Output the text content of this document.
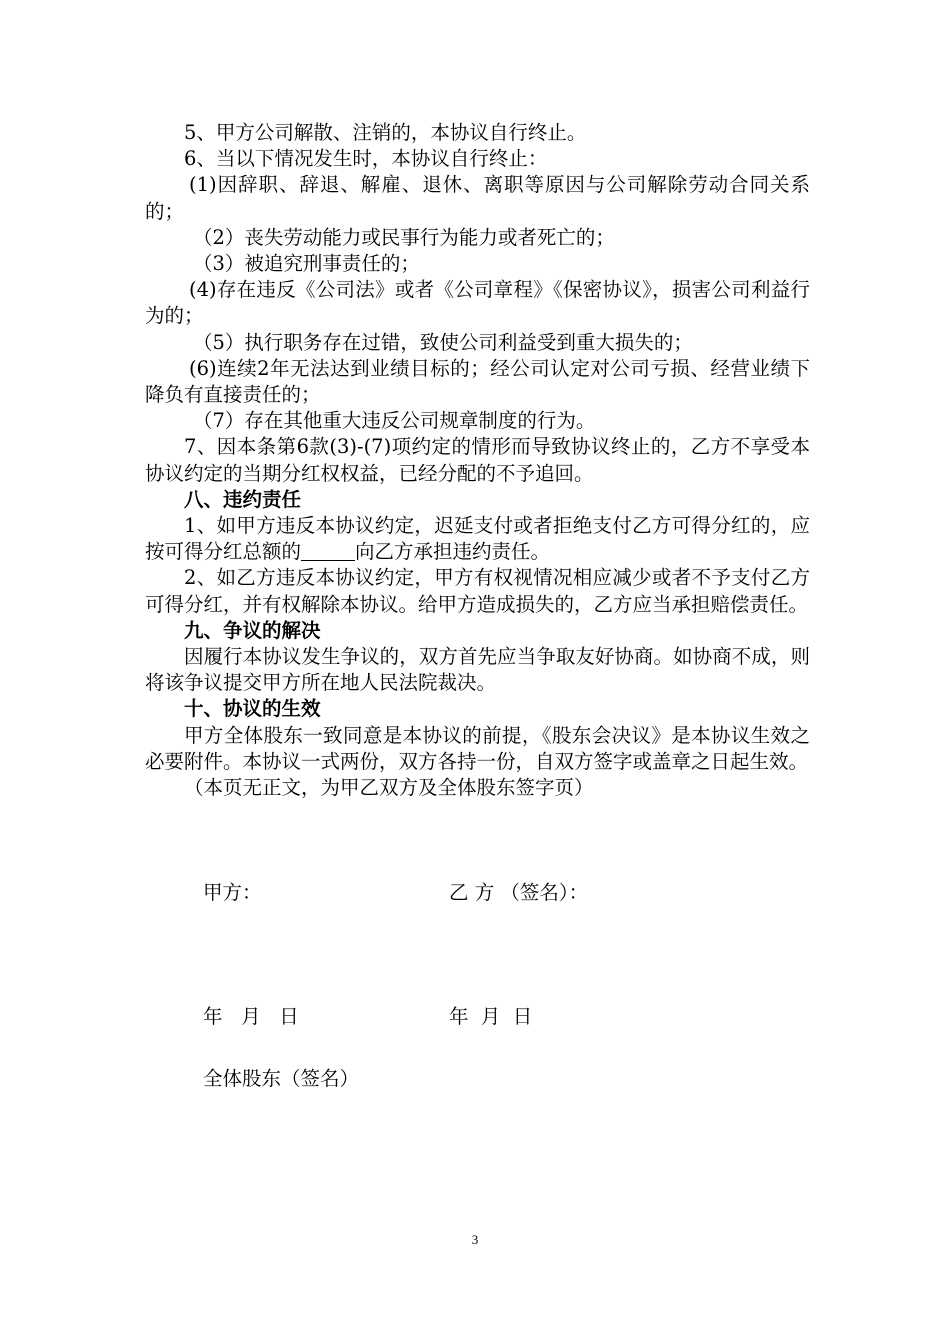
5、甲方公司解散、注销的，本协议自行终止。

6、当以下情况发生时，本协议自行终止：

(1)因辞职、辞退、解雇、退休、离职等原因与公司解除劳动合同关系的；

（2）丧失劳动能力或民事行为能力或者死亡的；

（3）被追究刑事责任的；

(4)存在违反《公司法》或者《公司章程》《保密协议》，损害公司利益行为的；

（5）执行职务存在过错，致使公司利益受到重大损失的；

(6)连续2年无法达到业绩目标的；经公司认定对公司亏损、经营业绩下降负有直接责任的；

（7）存在其他重大违反公司规章制度的行为。

7、因本条第6款(3)-(7)项约定的情形而导致协议终止的，乙方不享受本协议约定的当期分红权权益，已经分配的不予追回。

八、违约责任

1、如甲方违反本协议约定，迟延支付或者拒绝支付乙方可得分红的，应按可得分红总额的	向乙方承担违约责任。

2、如乙方违反本协议约定，甲方有权视情况相应减少或者不予支付乙方可得分红，并有权解除本协议。给甲方造成损失的，乙方应当承担赔偿责任。

九、争议的解决

因履行本协议发生争议的，双方首先应当争取友好协商。如协商不成，则将该争议提交甲方所在地人民法院裁决。

十、协议的生效

甲方全体股东一致同意是本协议的前提，《股东会决议》是本协议生效之必要附件。本协议一式两份，双方各持一份，自双方签字或盖章之日起生效。

（本页无正文，为甲乙双方及全体股东签字页）

甲方：	乙 方 （签名）：
年   月   日	年  月  日
全体股东（签名）
3
